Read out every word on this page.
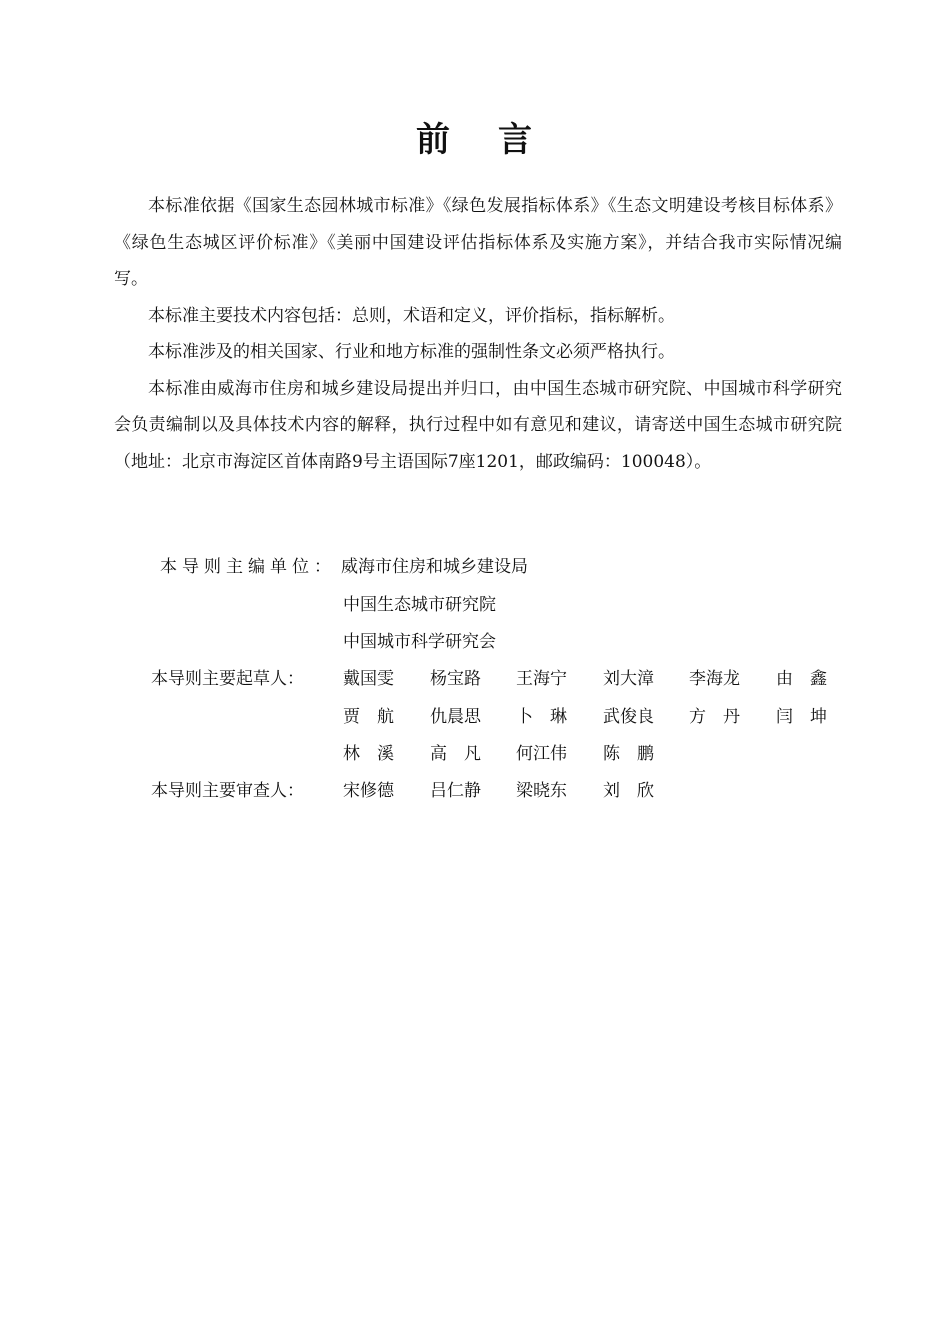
前 言

本标准依据《国家生态园林城市标准》《绿色发展指标体系》《生态文明建设考核目标体系》《绿色生态城区评价标准》《美丽中国建设评估指标体系及实施方案》，并结合我市实际情况编写。

本标准主要技术内容包括：总则，术语和定义，评价指标，指标解析。

本标准涉及的相关国家、行业和地方标准的强制性条文必须严格执行。

本标准由威海市住房和城乡建设局提出并归口，由中国生态城市研究院、中国城市科学研究会负责编制以及具体技术内容的解释，执行过程中如有意见和建议，请寄送中国生态城市研究院（地址：北京市海淀区首体南路9号主语国际7座1201，邮政编码：100048）。

本导则主编单位： 威海市住房和城乡建设局
中国生态城市研究院
中国城市科学研究会
本导则主要起草人： 戴国雯 杨宝路 王海宁 刘大漳 李海龙 由 鑫
贾 航 仇晨思 卜 琳 武俊良 方 丹 闫 坤
林 溪 高 凡 何江伟 陈 鹏
本导则主要审查人： 宋修德 吕仁静 梁晓东 刘 欣
